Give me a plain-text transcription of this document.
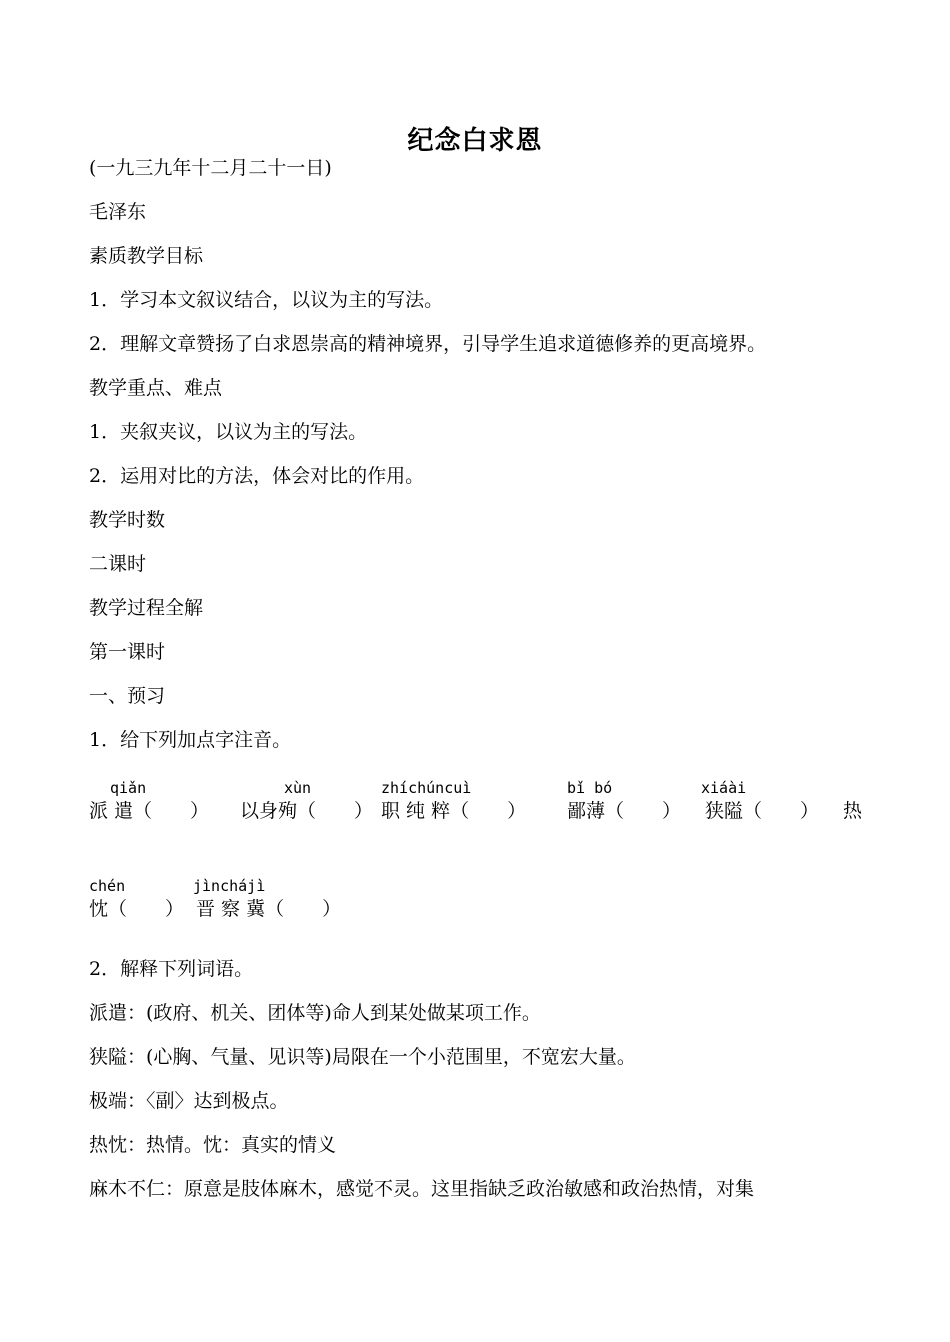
纪念白求恩
(一九三九年十二月二十一日)
毛泽东
素质教学目标
1．学习本文叙议结合，以议为主的写法。
2．理解文章赞扬了白求恩崇高的精神境界，引导学生追求道德修养的更高境界。
教学重点、难点
1．夹叙夹议，以议为主的写法。
2．运用对比的方法，体会对比的作用。
教学时数
二课时
教学过程全解
第一课时
一、预习
1．给下列加点字注音。
qiǎn	xùn	zhíchúncuì	bǐ bó	xiáài
派 遣（　　） 以身殉（　　） 职 纯 粹（　　） 鄙薄（　　） 狭隘（　　） 热
chén	jìnchájì
忱（　　） 晋 察 冀（　　）
2．解释下列词语。
派遣：(政府、机关、团体等)命人到某处做某项工作。
狭隘：(心胸、气量、见识等)局限在一个小范围里，不宽宏大量。
极端：〈副〉达到极点。
热忱：热情。忱：真实的情义
麻木不仁：原意是肢体麻木，感觉不灵。这里指缺乏政治敏感和政治热情，对集
